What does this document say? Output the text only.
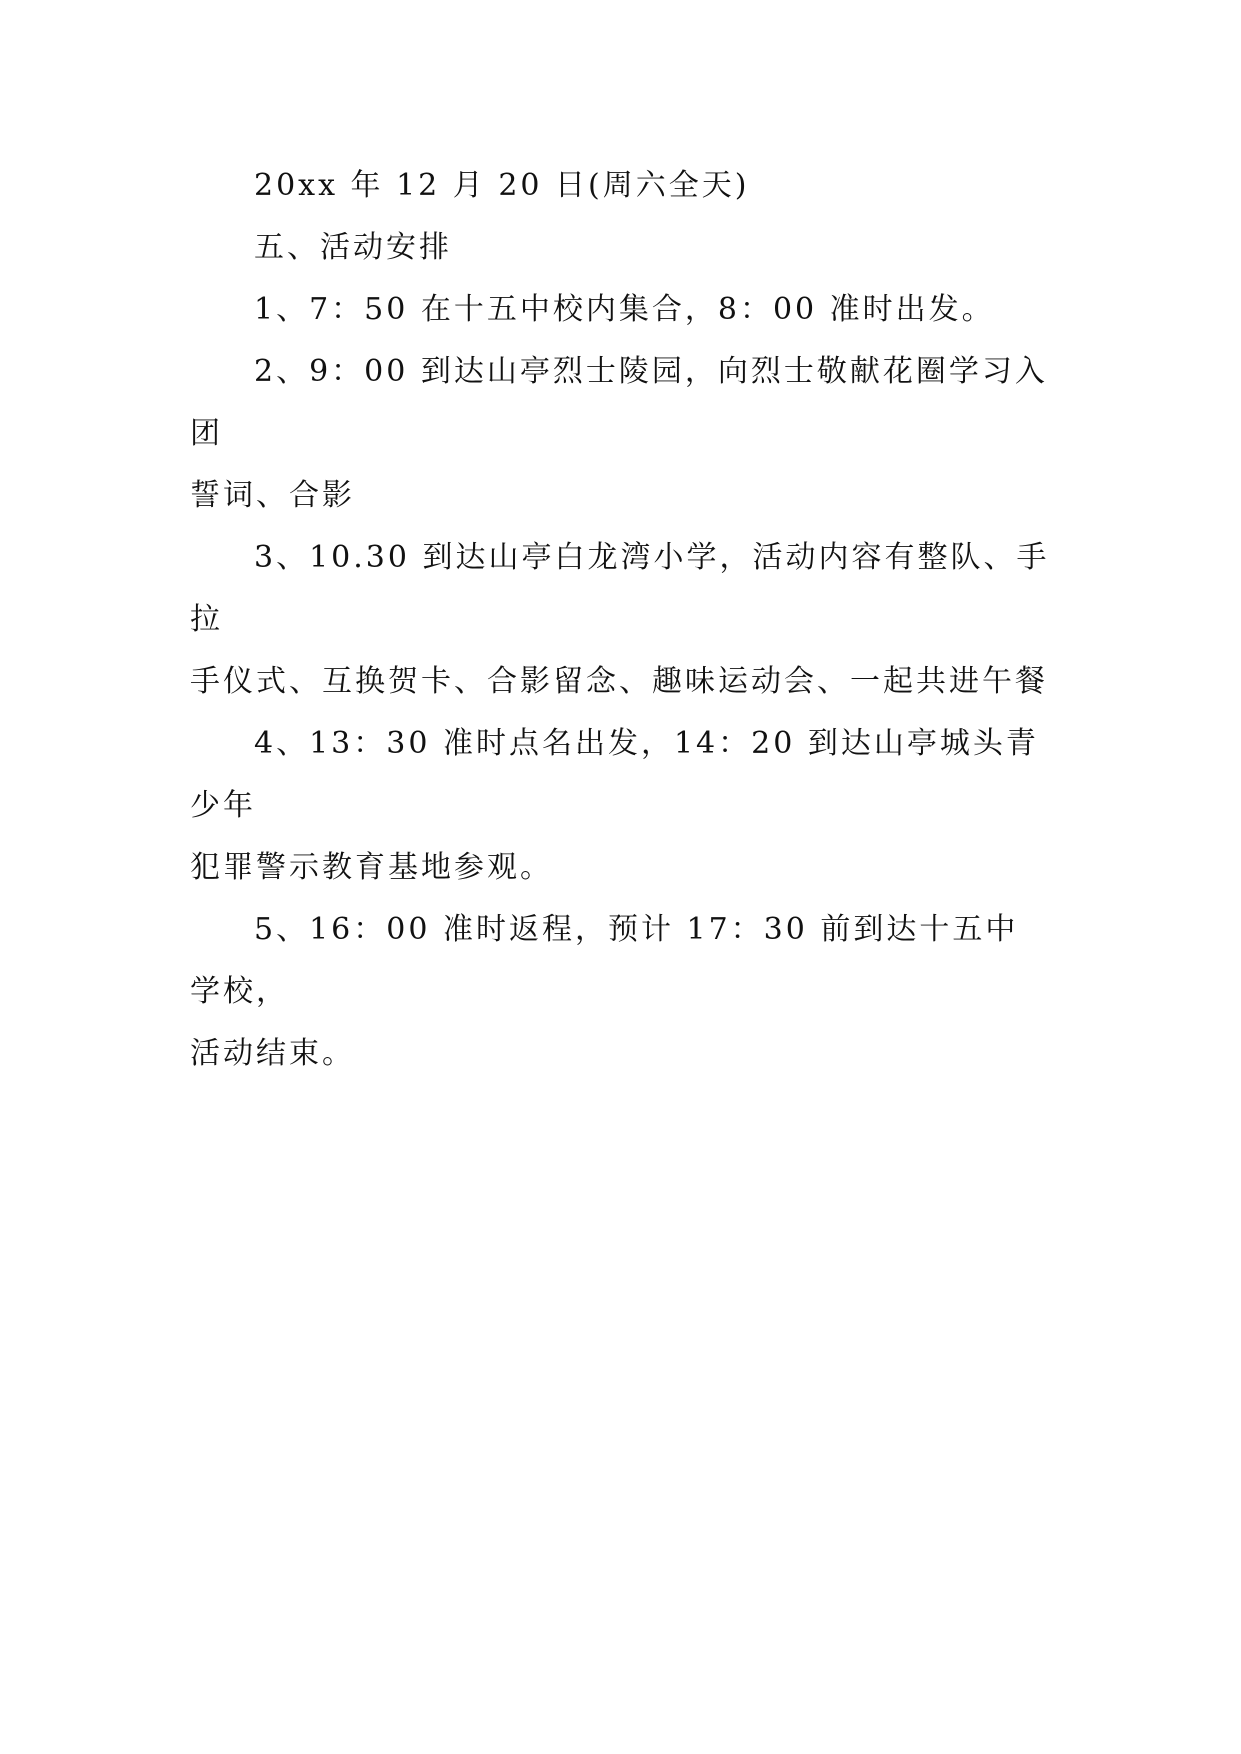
20xx 年 12 月 20 日(周六全天)

五、活动安排

1、7：50 在十五中校内集合，8：00 准时出发。

2、9：00 到达山亭烈士陵园，向烈士敬献花圈学习入团

誓词、合影

3、10.30 到达山亭白龙湾小学，活动内容有整队、手拉

手仪式、互换贺卡、合影留念、趣味运动会、一起共进午餐

4、13：30 准时点名出发，14：20 到达山亭城头青少年

犯罪警示教育基地参观。

5、16：00 准时返程，预计 17：30 前到达十五中学校，

活动结束。
